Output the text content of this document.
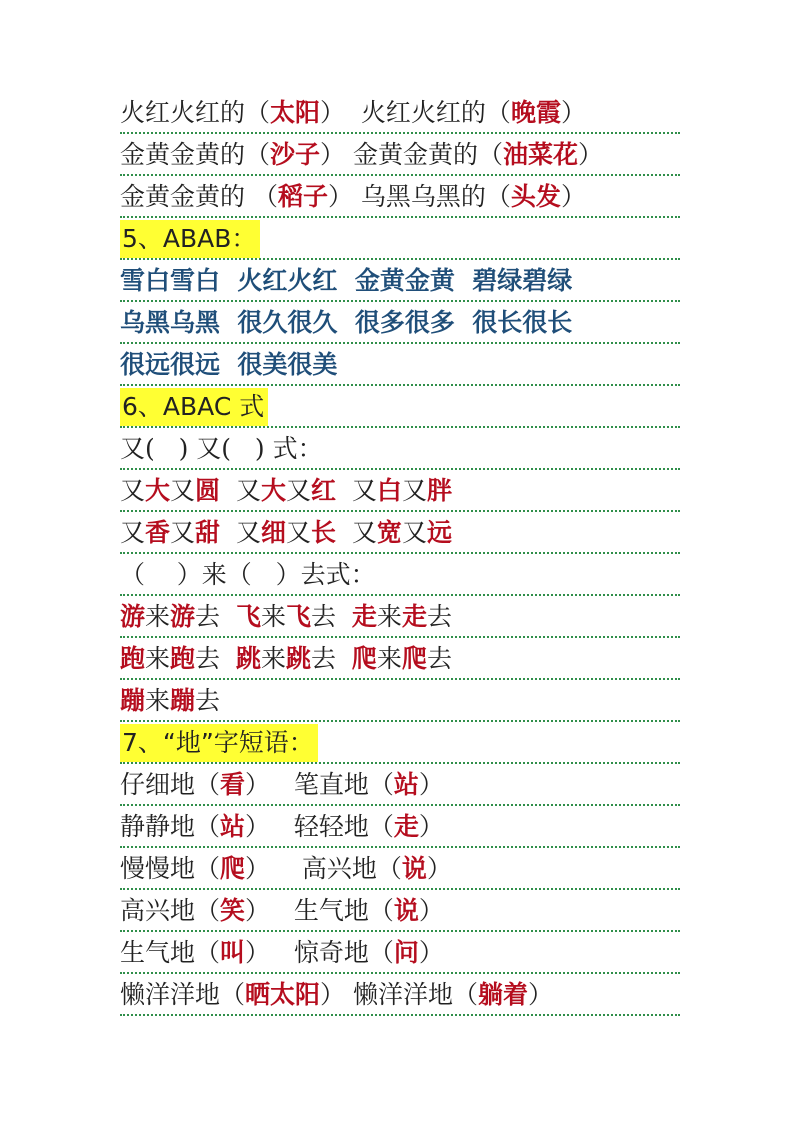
火红火红的（太阳）  火红火红的（晚霞）
金黄金黄的（沙子） 金黄金黄的（油菜花）
金黄金黄的 （稻子） 乌黑乌黑的（头发）
5、ABAB：
雪白雪白  火红火红  金黄金黄  碧绿碧绿
乌黑乌黑  很久很久  很多很多  很长很长
很远很远  很美很美
6、ABAC 式
又(   ) 又(   ) 式：
又大又圆  又大又红  又白又胖
又香又甜  又细又长  又宽又远
（    ）来（   ）去式：
游来游去  飞来飞去  走来走去
跑来跑去  跳来跳去  爬来爬去
蹦来蹦去
7、“地”字短语：
仔细地（看）   笔直地（站）
静静地（站）   轻轻地（走）
慢慢地（爬）    高兴地（说）
高兴地（笑）   生气地（说）
生气地（叫）   惊奇地（问）
懒洋洋地（晒太阳） 懒洋洋地（躺着）
